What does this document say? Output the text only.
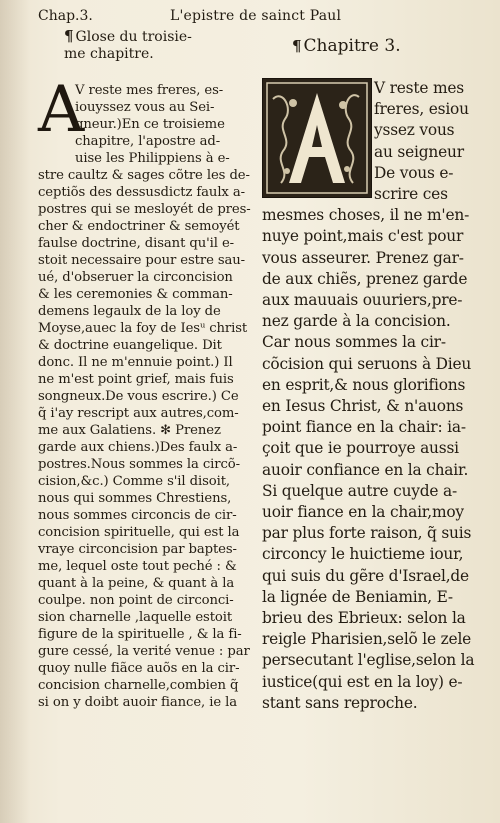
Chap.3.	L'epistre de sainct Paul
¶ Glose du troisie-
me chapitre.	¶ Chapitre 3.
A
V reste mes freres, es-
iouyssez vous au Sei-
gneur.)En ce troisieme
chapitre, l'apostre ad-
uise les Philippiens à e-
stre caultz & sages cõtre les de-
ceptiõs des dessusdictz faulx a-
postres qui se mesloyét de pres-
cher & endoctriner & semoyét
faulse doctrine, disant qu'il e-
stoit necessaire pour estre sau-
ué, d'obseruer la circoncision
& les ceremonies & comman-
demens legaulx de la loy de
Moyse,auec la foy de Iesᵘ christ
& doctrine euangelique. Dit
donc. Il ne m'ennuie point.) Il
ne m'est point grief, mais fuis
songneux.De vous escrire.) Ce
q̃ i'ay rescript aux autres,com-
me aux Galatiens. ✻ Prenez
garde aux chiens.)Des faulx a-
postres.Nous sommes la circõ-
cision,&c.) Comme s'il disoit,
nous qui sommes Chrestiens,
nous sommes circoncis de cir-
concision spirituelle, qui est la
vraye circoncision par baptes-
me, lequel oste tout peché : &
quant à la peine, & quant à la
coulpe. non point de circonci-
sion charnelle ,laquelle estoit
figure de la spirituelle , & la fi-
gure cessé, la verité venue : par
quoy nulle fiãce auõs en la cir-
concision charnelle,combien q̃
si on y doibt auoir fiance, ie la
V reste mes
freres, esiou
yssez vous
au seigneur
De vous e-
scrire ces
mesmes choses, il ne m'en-
nuye point,mais c'est pour
vous asseurer. Prenez gar-
de aux chiẽs, prenez garde
aux mauuais ouuriers,pre-
nez garde à la concision.
Car nous sommes la cir-
cõcision qui seruons à Dieu
en esprit,& nous glorifions
en Iesus Christ, & n'auons
point fiance en la chair: ia-
çoit que ie pourroye aussi
auoir confiance en la chair.
Si quelque autre cuyde a-
uoir fiance en la chair,moy
par plus forte raison, q̃ suis
circoncy le huictieme iour,
qui suis du gẽre d'Israel,de
la lignée de Beniamin, E-
brieu des Ebrieux: selon la
reigle Pharisien,selõ le zele
persecutant l'eglise,selon la
iustice(qui est en la loy) e-
stant sans reproche.
